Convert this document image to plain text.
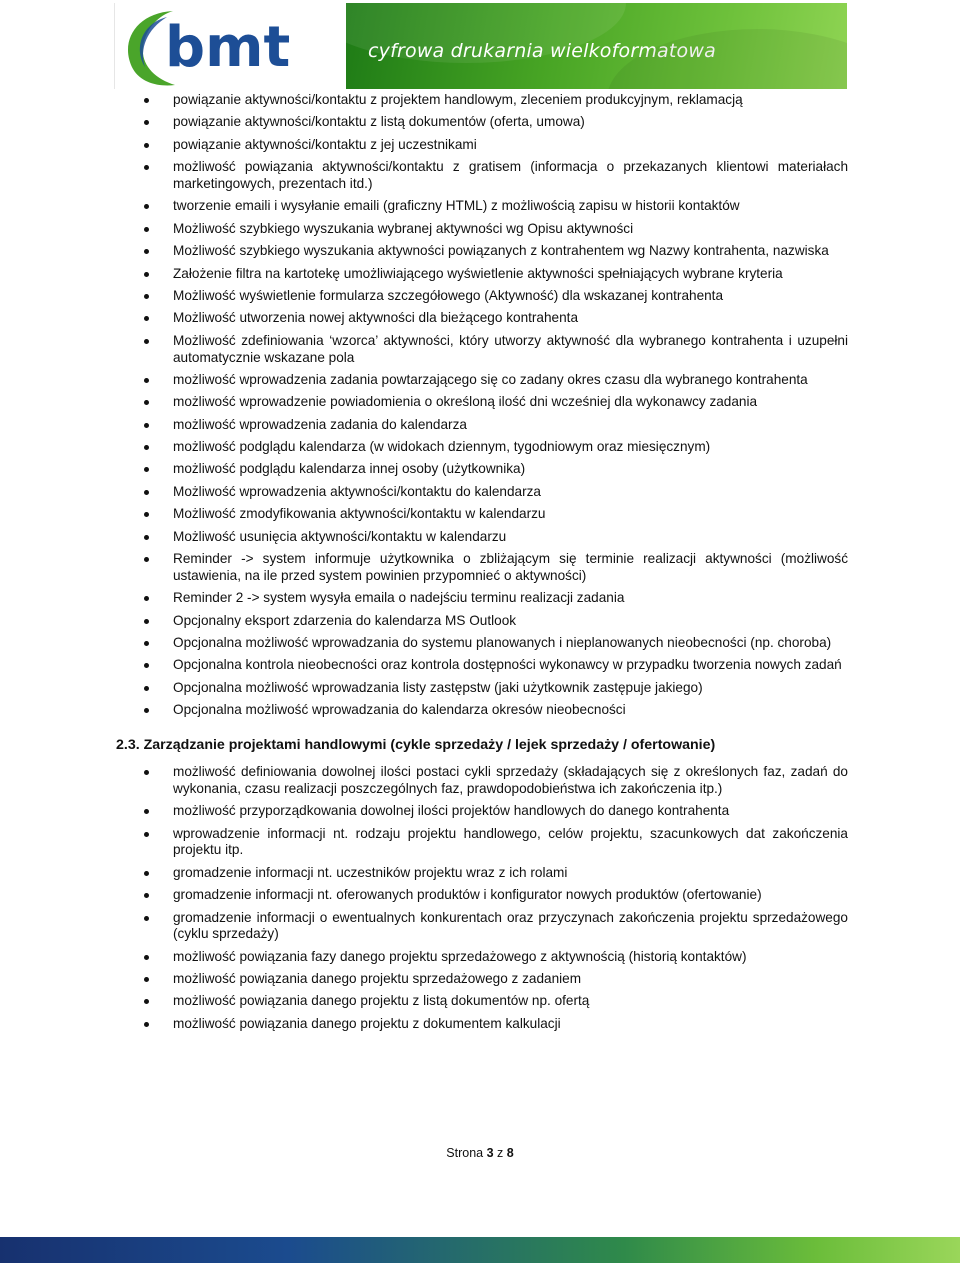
bmt	cyfrowa drukarnia wielkoformatowa
powiązanie aktywności/kontaktu z projektem handlowym, zleceniem produkcyjnym, reklamacją
powiązanie aktywności/kontaktu z listą dokumentów (oferta, umowa)
powiązanie aktywności/kontaktu z jej uczestnikami
możliwość powiązania aktywności/kontaktu z gratisem (informacja o przekazanych klientowi materiałach marketingowych, prezentach itd.)
tworzenie emaili i wysyłanie emaili (graficzny HTML) z możliwością zapisu w historii kontaktów
Możliwość szybkiego wyszukania wybranej aktywności wg Opisu aktywności
Możliwość szybkiego wyszukania aktywności powiązanych z kontrahentem wg Nazwy kontrahenta, nazwiska
Założenie filtra na kartotekę umożliwiającego wyświetlenie aktywności spełniających wybrane kryteria
Możliwość wyświetlenie formularza szczegółowego (Aktywność) dla wskazanej kontrahenta
Możliwość utworzenia nowej aktywności dla bieżącego kontrahenta
Możliwość zdefiniowania ‘wzorca’ aktywności, który utworzy aktywność dla wybranego kontrahenta i uzupełni automatycznie wskazane pola
możliwość wprowadzenia zadania powtarzającego się co zadany okres czasu dla wybranego kontrahenta
możliwość wprowadzenie powiadomienia o określoną ilość dni wcześniej dla wykonawcy zadania
możliwość wprowadzenia zadania do kalendarza
możliwość podglądu kalendarza (w widokach dziennym, tygodniowym oraz miesięcznym)
możliwość podglądu kalendarza innej osoby (użytkownika)
Możliwość wprowadzenia aktywności/kontaktu do kalendarza
Możliwość zmodyfikowania aktywności/kontaktu w kalendarzu
Możliwość usunięcia aktywności/kontaktu w kalendarzu
Reminder -> system informuje użytkownika o zbliżającym się terminie realizacji aktywności (możliwość ustawienia, na ile przed system powinien przypomnieć o aktywności)
Reminder 2 -> system wysyła emaila o nadejściu terminu realizacji zadania
Opcjonalny eksport zdarzenia do kalendarza MS Outlook
Opcjonalna możliwość wprowadzania do systemu planowanych i nieplanowanych nieobecności (np. choroba)
Opcjonalna kontrola nieobecności oraz kontrola dostępności wykonawcy w przypadku tworzenia nowych zadań
Opcjonalna możliwość wprowadzania listy zastępstw (jaki użytkownik zastępuje jakiego)
Opcjonalna możliwość wprowadzania do kalendarza okresów nieobecności
2.3. Zarządzanie projektami handlowymi (cykle sprzedaży / lejek sprzedaży / ofertowanie)
możliwość definiowania dowolnej ilości postaci cykli sprzedaży (składających się z określonych faz, zadań do wykonania, czasu realizacji poszczególnych faz, prawdopodobieństwa ich zakończenia itp.)
możliwość przyporządkowania dowolnej ilości projektów handlowych do danego kontrahenta
wprowadzenie informacji nt. rodzaju projektu handlowego, celów projektu, szacunkowych dat zakończenia projektu itp.
gromadzenie informacji nt. uczestników projektu wraz z ich rolami
gromadzenie informacji nt. oferowanych produktów i konfigurator nowych produktów (ofertowanie)
gromadzenie informacji o ewentualnych konkurentach oraz przyczynach zakończenia projektu sprzedażowego (cyklu sprzedaży)
możliwość powiązania fazy danego projektu sprzedażowego z aktywnością (historią kontaktów)
możliwość powiązania danego projektu sprzedażowego z zadaniem
możliwość powiązania danego projektu z listą dokumentów np. ofertą
możliwość powiązania danego projektu z dokumentem kalkulacji
Strona 3 z 8
